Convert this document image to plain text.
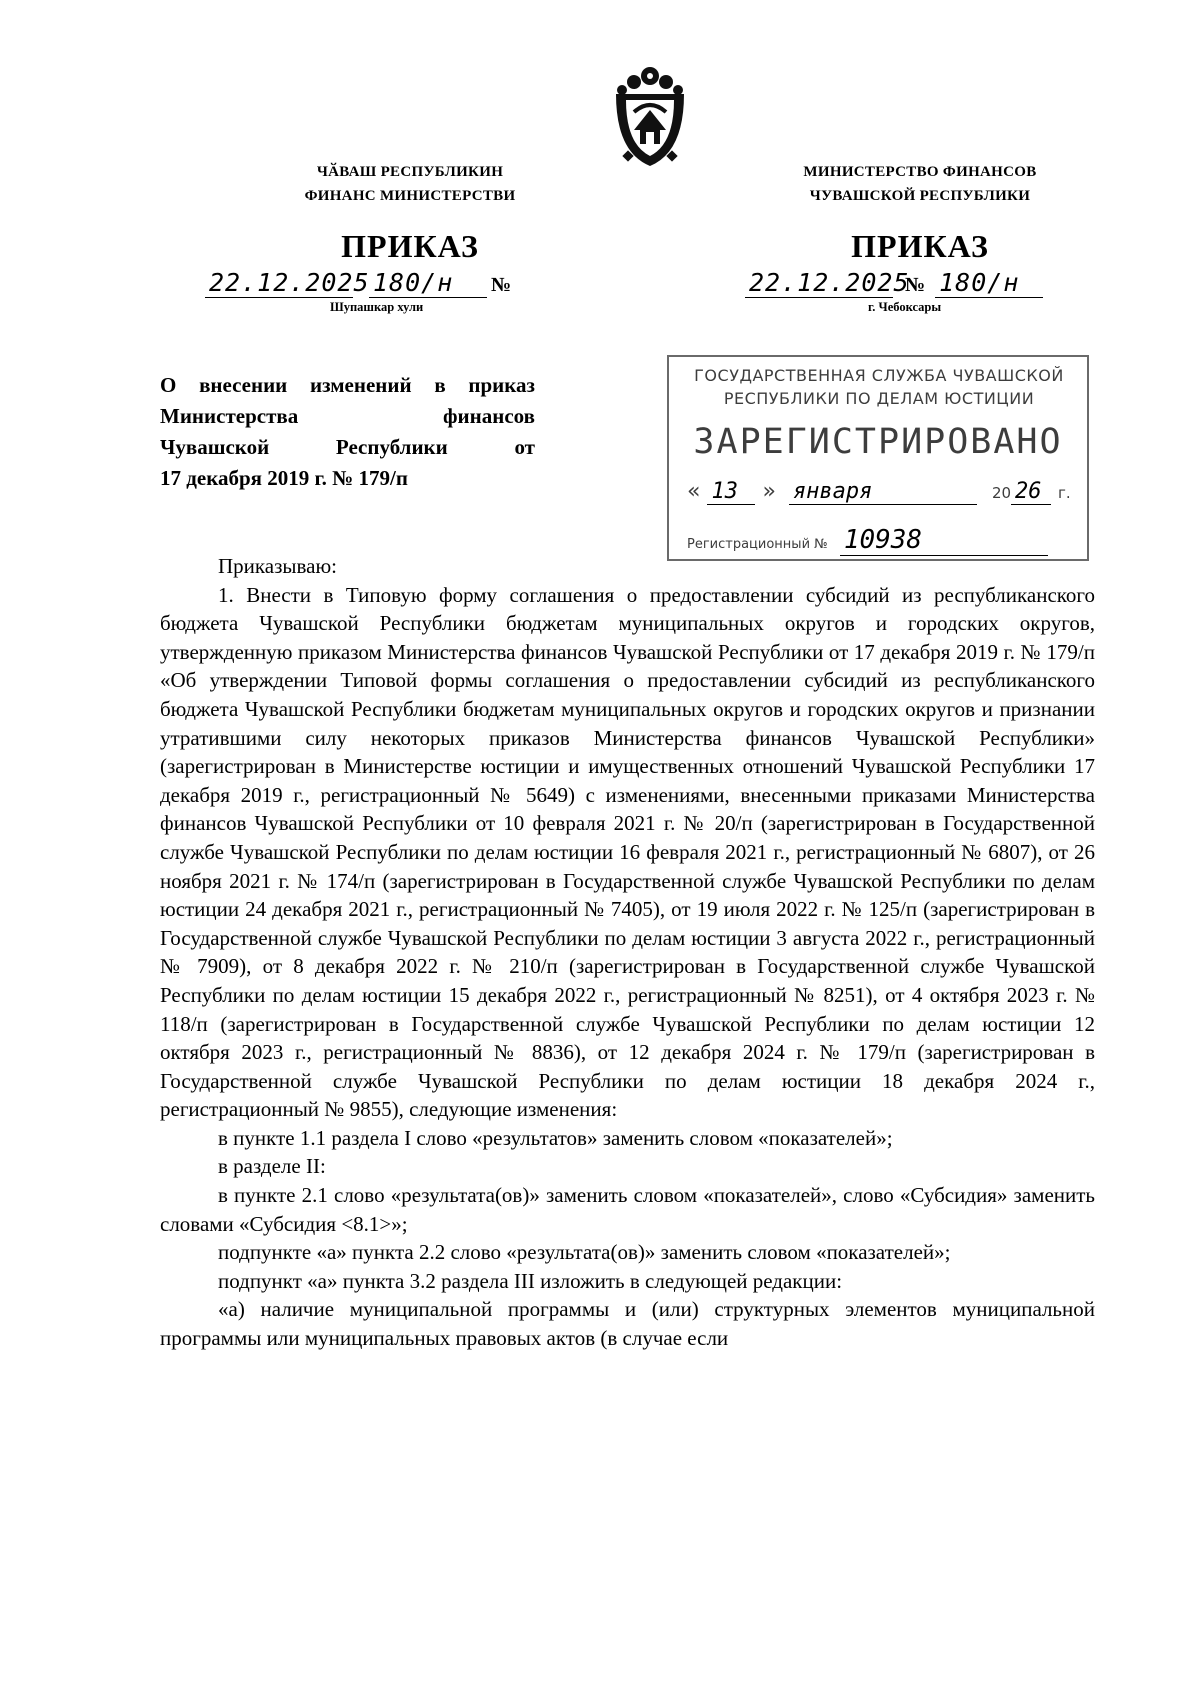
ЧӐВАШ РЕСПУБЛИКИН
ФИНАНС МИНИСТЕРСТВИ
МИНИСТЕРСТВО ФИНАНСОВ
ЧУВАШСКОЙ РЕСПУБЛИКИ
ПРИКАЗ	ПРИКАЗ
22.12.2025 180/н №
Шупашкар хули
22.12.2025 № 180/н
г. Чебоксары
О внесении изменений в приказ
Министерства финансов
Чувашской Республики от
17 декабря 2019 г. № 179/п
ГОСУДАРСТВЕННАЯ СЛУЖБА ЧУВАШСКОЙ
РЕСПУБЛИКИ ПО ДЕЛАМ ЮСТИЦИИ
ЗАРЕГИСТРИРОВАНО
« 13 » января	20 26 г.
Регистрационный № 10938

Приказываю:

1. Внести в Типовую форму соглашения о предоставлении субсидий из республиканского бюджета Чувашской Республики бюджетам муниципальных округов и городских округов, утвержденную приказом Министерства финансов Чувашской Республики от 17 декабря 2019 г. № 179/п «Об утверждении Типовой формы соглашения о предоставлении субсидий из республиканского бюджета Чувашской Республики бюджетам муниципальных округов и городских округов и признании утратившими силу некоторых приказов Министерства финансов Чувашской Республики» (зарегистрирован в Министерстве юстиции и имущественных отношений Чувашской Республики 17 декабря 2019 г., регистрационный № 5649) с изменениями, внесенными приказами Министерства финансов Чувашской Республики от 10 февраля 2021 г. № 20/п (зарегистрирован в Государственной службе Чувашской Республики по делам юстиции 16 февраля 2021 г., регистрационный № 6807), от 26 ноября 2021 г. № 174/п (зарегистрирован в Государственной службе Чувашской Республики по делам юстиции 24 декабря 2021 г., регистрационный № 7405), от 19 июля 2022 г. № 125/п (зарегистрирован в Государственной службе Чувашской Республики по делам юстиции 3 августа 2022 г., регистрационный № 7909), от 8 декабря 2022 г. № 210/п (зарегистрирован в Государственной службе Чувашской Республики по делам юстиции 15 декабря 2022 г., регистрационный № 8251), от 4 октября 2023 г. № 118/п (зарегистрирован в Государственной службе Чувашской Республики по делам юстиции 12 октября 2023 г., регистрационный № 8836), от 12 декабря 2024 г. № 179/п (зарегистрирован в Государственной службе Чувашской Республики по делам юстиции 18 декабря 2024 г., регистрационный № 9855), следующие изменения:

в пункте 1.1 раздела I слово «результатов» заменить словом «показателей»;

в разделе II:

в пункте 2.1 слово «результата(ов)» заменить словом «показателей», слово «Субсидия» заменить словами «Субсидия <8.1>»;

подпункте «а» пункта 2.2 слово «результата(ов)» заменить словом «показателей»;

подпункт «а» пункта 3.2 раздела III изложить в следующей редакции:

«а) наличие муниципальной программы и (или) структурных элементов муниципальной программы или муниципальных правовых актов (в случае если
